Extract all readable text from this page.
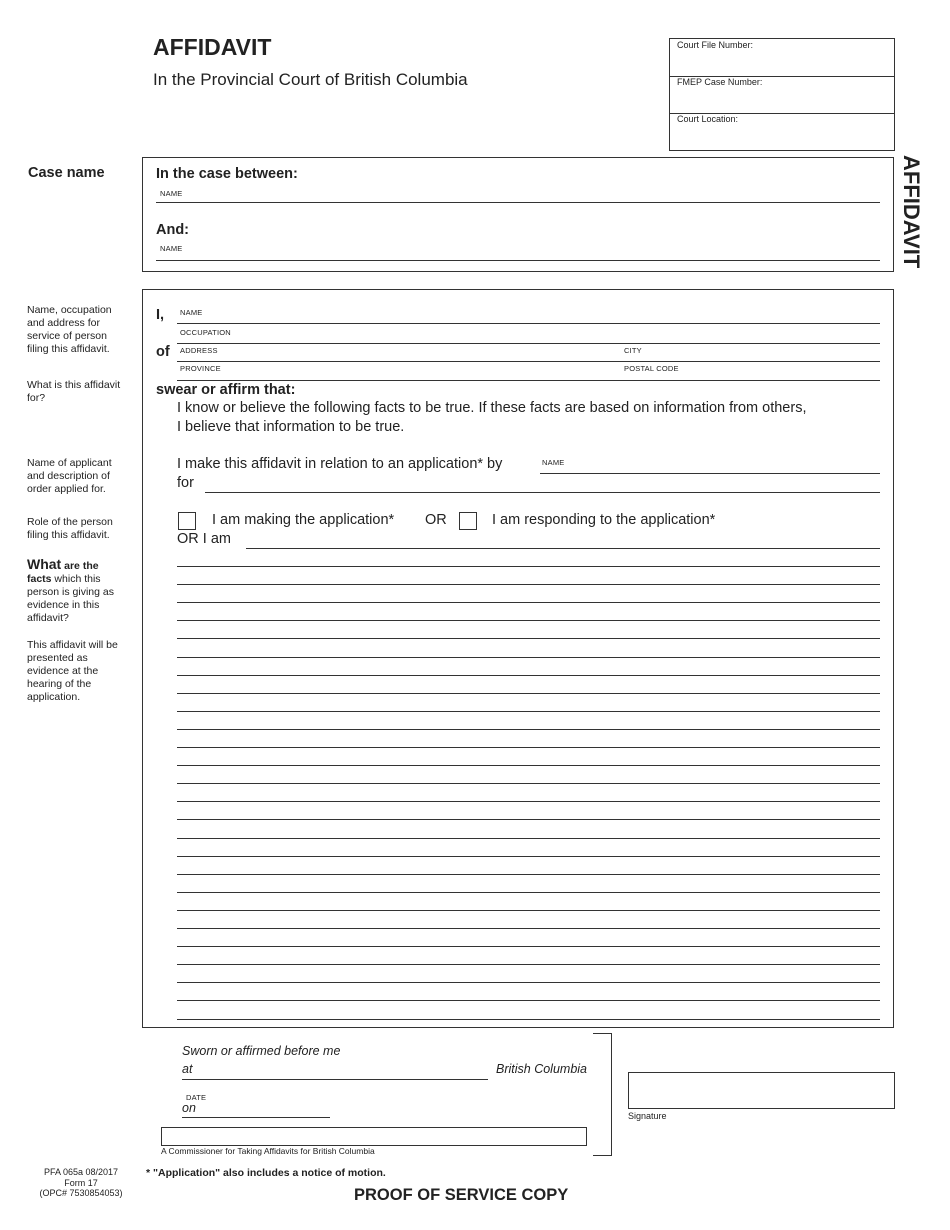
AFFIDAVIT
In the Provincial Court of British Columbia
Court File Number:
FMEP Case Number:
Court Location:
AFFIDAVIT
Case name
Name, occupation and address for service of person filing this affidavit.
What is this affidavit for?
Name of applicant and description of order applied for.
Role of the person filing this affidavit.
What are the
facts which this person is giving as evidence in this affidavit?
This affidavit will be presented as evidence at the hearing of the application.
In the case between:
NAME
And:
NAME
I, NAME
OCCUPATION
of ADDRESS	CITY
PROVINCE	POSTAL CODE
swear or affirm that:
I know or believe the following facts to be true. If these facts are based on information from others,
I believe that information to be true.
I make this affidavit in relation to an application* by	NAME
for
I am making the application* OR	I am responding to the application*
OR I am
Sworn or affirmed before me
at	British Columbia
DATE
on
A Commissioner for Taking Affidavits for British Columbia
Signature
PFA 065a 08/2017
Form 17
(OPC# 7530854053)
* "Application" also includes a notice of motion.
PROOF OF SERVICE COPY
